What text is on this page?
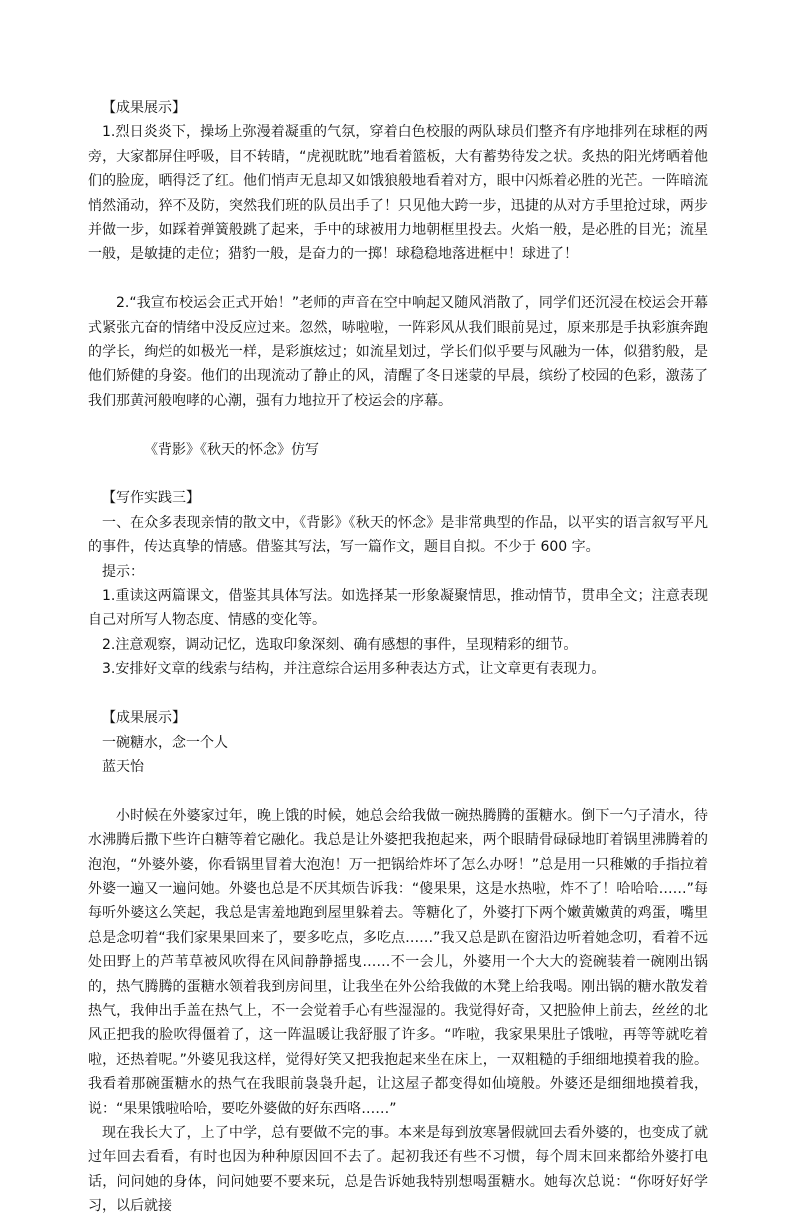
【成果展示】
1.烈日炎炎下，操场上弥漫着凝重的气氛，穿着白色校服的两队球员们整齐有序地排列在球框的两旁，大家都屏住呼吸，目不转睛，“虎视眈眈”地看着篮板，大有蓄势待发之状。炙热的阳光烤晒着他们的脸庞，晒得泛了红。他们悄声无息却又如饿狼般地看着对方，眼中闪烁着必胜的光芒。一阵暗流悄然涌动，猝不及防，突然我们班的队员出手了！只见他大跨一步，迅捷的从对方手里抢过球，两步并做一步，如踩着弹簧般跳了起来，手中的球被用力地朝框里投去。火焰一般，是必胜的目光；流星一般，是敏捷的走位；猎豹一般，是奋力的一掷！球稳稳地落进框中！球进了！
2.“我宣布校运会正式开始！”老师的声音在空中响起又随风消散了，同学们还沉浸在校运会开幕式紧张亢奋的情绪中没反应过来。忽然，哧啦啦，一阵彩风从我们眼前晃过，原来那是手执彩旗奔跑的学长，绚烂的如极光一样，是彩旗炫过；如流星划过，学长们似乎要与风融为一体，似猎豹般，是他们矫健的身姿。他们的出现流动了静止的风，清醒了冬日迷蒙的早晨，缤纷了校园的色彩，激荡了我们那黄河般咆哮的心潮，强有力地拉开了校运会的序幕。
《背影》《秋天的怀念》仿写
【写作实践三】
一、在众多表现亲情的散文中，《背影》《秋天的怀念》是非常典型的作品，以平实的语言叙写平凡的事件，传达真挚的情感。借鉴其写法，写一篇作文，题目自拟。不少于 600 字。
提示：
1.重读这两篇课文，借鉴其具体写法。如选择某一形象凝聚情思，推动情节，贯串全文；注意表现自己对所写人物态度、情感的变化等。
2.注意观察，调动记忆，选取印象深刻、确有感想的事件，呈现精彩的细节。
3.安排好文章的线索与结构，并注意综合运用多种表达方式，让文章更有表现力。
【成果展示】
一碗糖水，念一个人
蓝天怡
小时候在外婆家过年，晚上饿的时候，她总会给我做一碗热腾腾的蛋糖水。倒下一勺子清水，待水沸腾后撒下些许白糖等着它融化。我总是让外婆把我抱起来，两个眼睛骨碌碌地盯着锅里沸腾着的泡泡，“外婆外婆，你看锅里冒着大泡泡！万一把锅给炸坏了怎么办呀！”总是用一只稚嫩的手指拉着外婆一遍又一遍问她。外婆也总是不厌其烦告诉我：“傻果果，这是水热啦，炸不了！哈哈哈……”每每听外婆这么笑起，我总是害羞地跑到屋里躲着去。等糖化了，外婆打下两个嫩黄嫩黄的鸡蛋，嘴里总是念叨着“我们家果果回来了，要多吃点，多吃点……”我又总是趴在窗沿边听着她念叨，看着不远处田野上的芦苇草被风吹得在风间静静摇曳……不一会儿，外婆用一个大大的瓷碗装着一碗刚出锅的，热气腾腾的蛋糖水领着我到房间里，让我坐在外公给我做的木凳上给我喝。刚出锅的糖水散发着热气，我伸出手盖在热气上，不一会觉着手心有些湿湿的。我觉得好奇，又把脸伸上前去，丝丝的北风正把我的脸吹得僵着了，这一阵温暖让我舒服了许多。“咋啦，我家果果肚子饿啦，再等等就吃着啦，还热着呢。”外婆见我这样，觉得好笑又把我抱起来坐在床上，一双粗糙的手细细地摸着我的脸。我看着那碗蛋糖水的热气在我眼前袅袅升起，让这屋子都变得如仙境般。外婆还是细细地摸着我，说：“果果饿啦哈哈，要吃外婆做的好东西咯……”
现在我长大了，上了中学，总有要做不完的事。本来是每到放寒暑假就回去看外婆的，也变成了就过年回去看看，有时也因为种种原因回不去了。起初我还有些不习惯，每个周末回来都给外婆打电话，问问她的身体，问问她要不要来玩，总是告诉她我特别想喝蛋糖水。她每次总说：“你呀好好学习，以后就接
